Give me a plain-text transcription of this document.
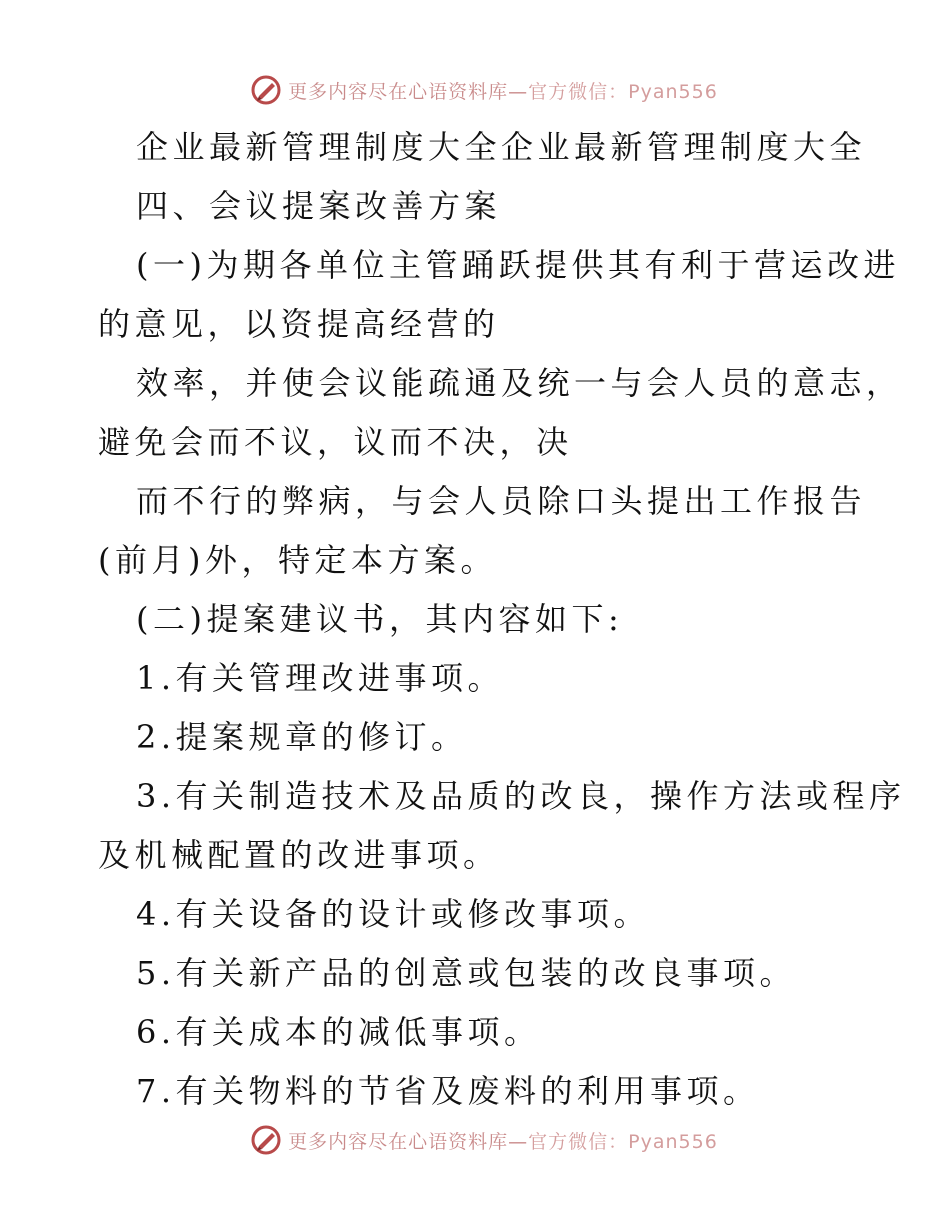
更多内容尽在心语资料库—官方微信：Pyan556
企业最新管理制度大全企业最新管理制度大全
四、会议提案改善方案
(一)为期各单位主管踊跃提供其有利于营运改进
的意见，以资提高经营的
效率，并使会议能疏通及统一与会人员的意志，
避免会而不议，议而不决，决
而不行的弊病，与会人员除口头提出工作报告
(前月)外，特定本方案。
(二)提案建议书，其内容如下:
1.有关管理改进事项。
2.提案规章的修订。
3.有关制造技术及品质的改良，操作方法或程序
及机械配置的改进事项。
4.有关设备的设计或修改事项。
5.有关新产品的创意或包装的改良事项。
6.有关成本的减低事项。
7.有关物料的节省及废料的利用事项。
更多内容尽在心语资料库—官方微信：Pyan556
